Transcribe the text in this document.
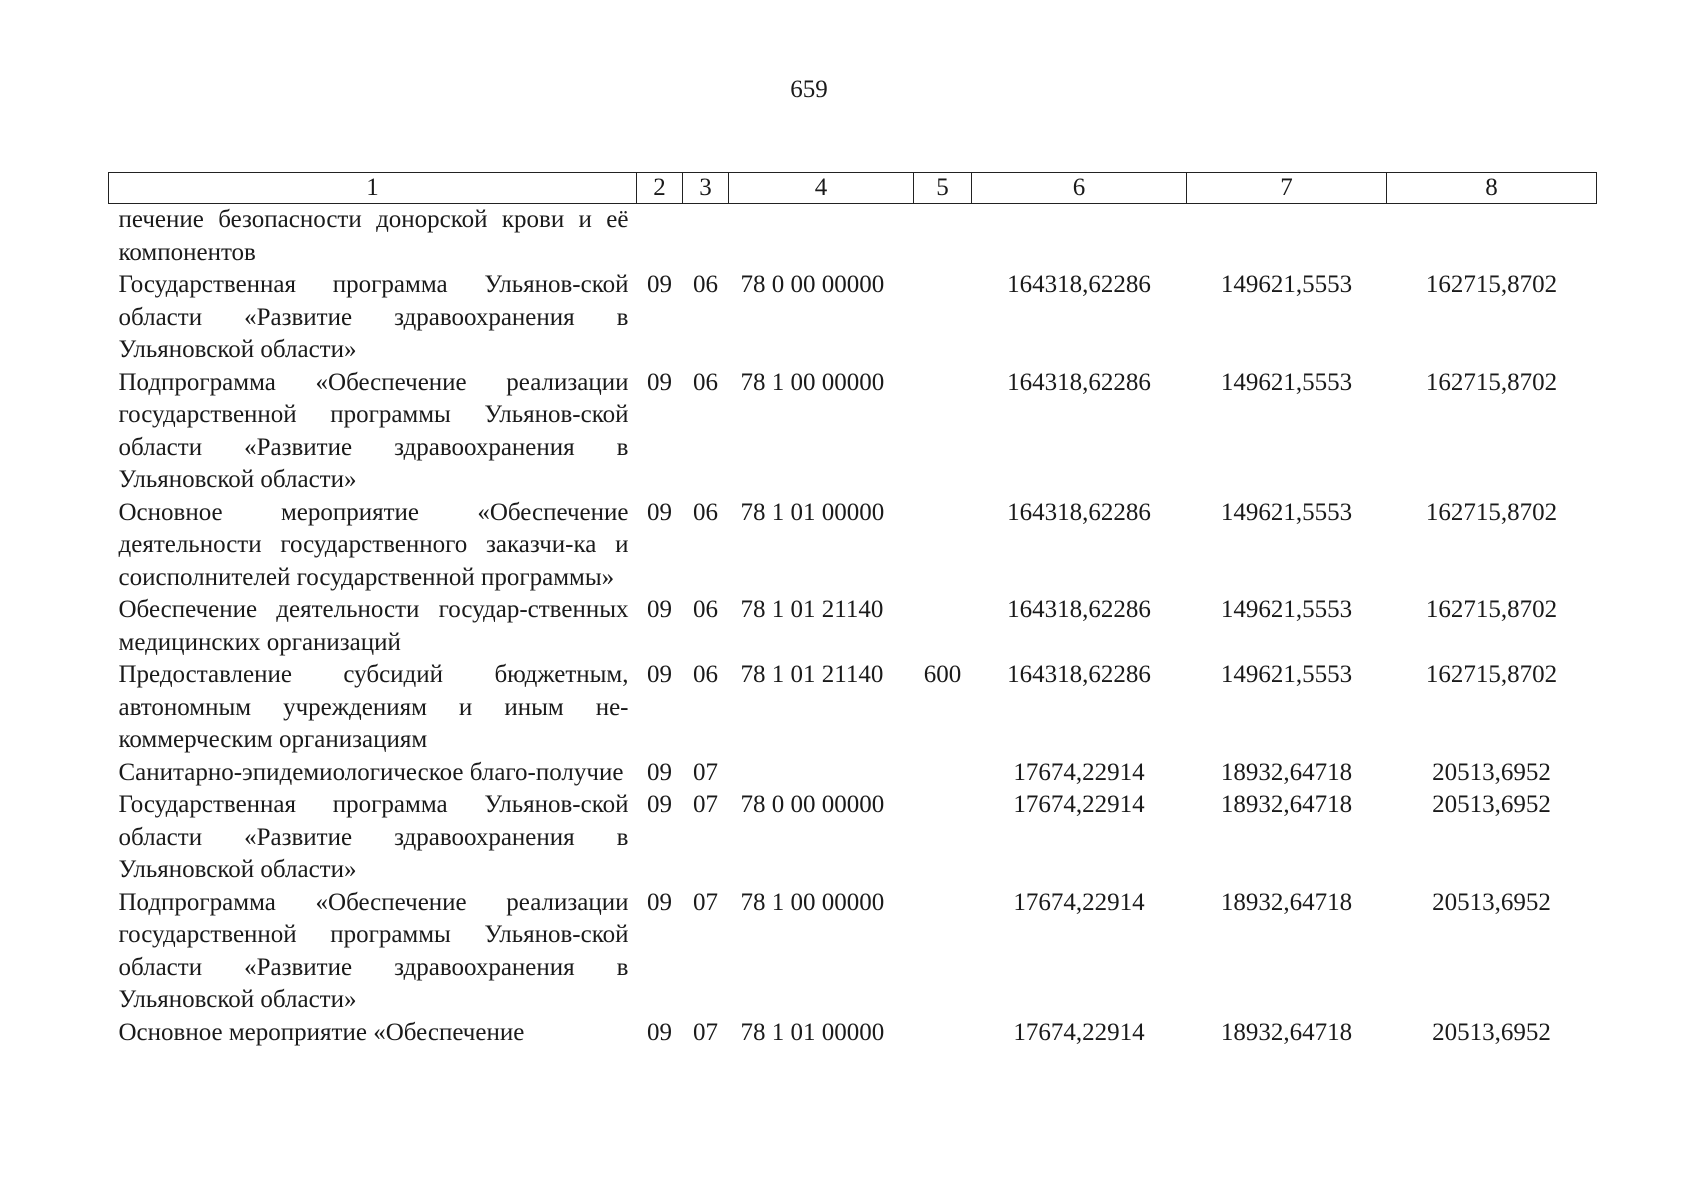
659
1	2	3	4	5	6	7	8
печение безопасности донорской крови и её компонентов							
Государственная программа Ульянов-ской области «Развитие здравоохранения в Ульяновской области»	09	06	78 0 00 00000		164318,62286	149621,5553	162715,8702
Подпрограмма «Обеспечение реализации государственной программы Ульянов-ской области «Развитие здравоохранения в Ульяновской области»	09	06	78 1 00 00000		164318,62286	149621,5553	162715,8702
Основное мероприятие «Обеспечение деятельности государственного заказчи-ка и соисполнителей государственной программы»	09	06	78 1 01 00000		164318,62286	149621,5553	162715,8702
Обеспечение деятельности государ-ственных медицинских организаций	09	06	78 1 01 21140		164318,62286	149621,5553	162715,8702
Предоставление субсидий бюджетным, автономным учреждениям и иным не-коммерческим организациям	09	06	78 1 01 21140	600	164318,62286	149621,5553	162715,8702
Санитарно-эпидемиологическое благо-получие	09	07			17674,22914	18932,64718	20513,6952
Государственная программа Ульянов-ской области «Развитие здравоохранения в Ульяновской области»	09	07	78 0 00 00000		17674,22914	18932,64718	20513,6952
Подпрограмма «Обеспечение реализации государственной программы Ульянов-ской области «Развитие здравоохранения в Ульяновской области»	09	07	78 1 00 00000		17674,22914	18932,64718	20513,6952
Основное мероприятие «Обеспечение	09	07	78 1 01 00000		17674,22914	18932,64718	20513,6952
